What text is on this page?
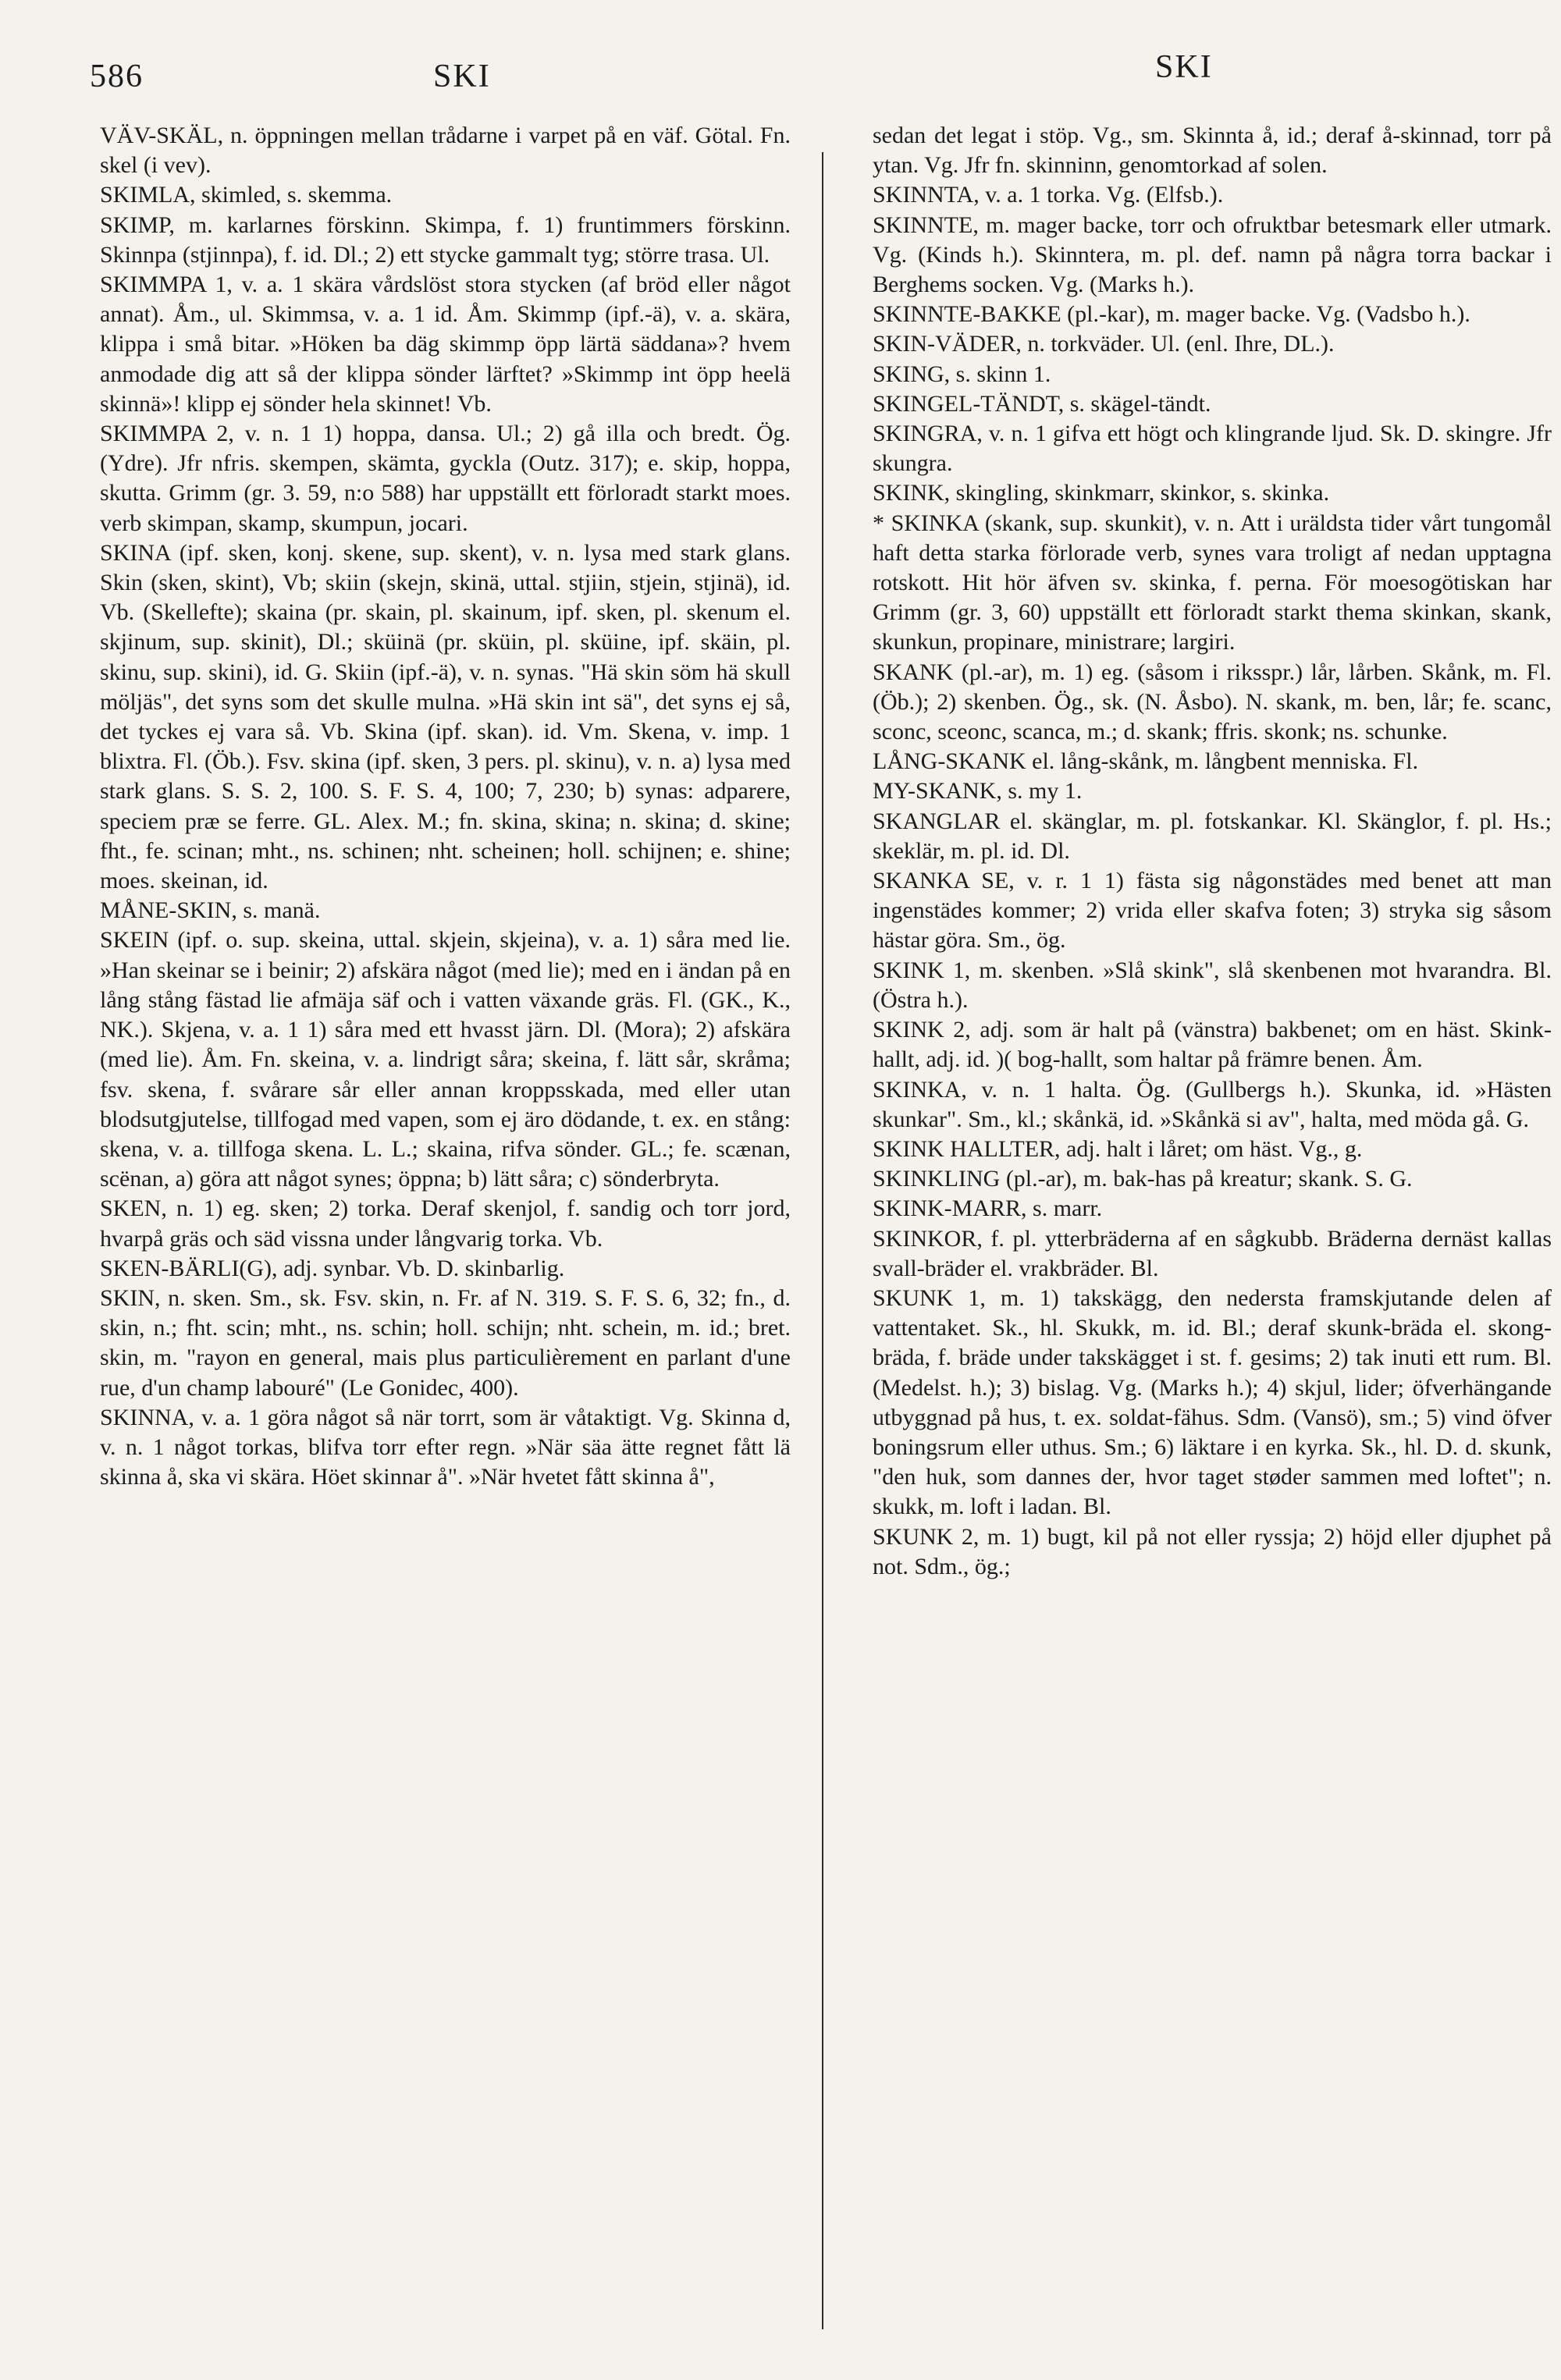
586	SKI	SKI

VÄV-SKÄL, n. öppningen mellan trådarne i varpet på en väf. Götal. Fn. skel (i vev).

SKIMLA, skimled, s. skemma.

SKIMP, m. karlarnes förskinn. Skimpa, f. 1) fruntimmers förskinn. Skinnpa (stjinnpa), f. id. Dl.; 2) ett stycke gammalt tyg; större trasa. Ul.

SKIMMPA 1, v. a. 1 skära vårdslöst stora stycken (af bröd eller något annat). Åm., ul. Skimmsa, v. a. 1 id. Åm. Skimmp (ipf.-ä), v. a. skära, klippa i små bitar. »Höken ba däg skimmp öpp lärtä säddana»? hvem anmodade dig att så der klippa sönder lärftet? »Skimmp int öpp heelä skinnä»! klipp ej sönder hela skinnet! Vb.

SKIMMPA 2, v. n. 1 1) hoppa, dansa. Ul.; 2) gå illa och bredt. Ög. (Ydre). Jfr nfris. skempen, skämta, gyckla (Outz. 317); e. skip, hoppa, skutta. Grimm (gr. 3. 59, n:o 588) har uppställt ett förloradt starkt moes. verb skimpan, skamp, skumpun, jocari.

SKINA (ipf. sken, konj. skene, sup. skent), v. n. lysa med stark glans. Skin (sken, skint), Vb; skiin (skejn, skinä, uttal. stjiin, stjein, stjinä), id. Vb. (Skellefte); skaina (pr. skain, pl. skainum, ipf. sken, pl. skenum el. skjinum, sup. skinit), Dl.; sküinä (pr. sküin, pl. sküine, ipf. skäin, pl. skinu, sup. skini), id. G. Skiin (ipf.-ä), v. n. synas. "Hä skin söm hä skull möljäs", det syns som det skulle mulna. »Hä skin int sä", det syns ej så, det tyckes ej vara så. Vb. Skina (ipf. skan). id. Vm. Skena, v. imp. 1 blixtra. Fl. (Öb.). Fsv. skina (ipf. sken, 3 pers. pl. skinu), v. n. a) lysa med stark glans. S. S. 2, 100. S. F. S. 4, 100; 7, 230; b) synas: adparere, speciem præ se ferre. GL. Alex. M.; fn. skina, skina; n. skina; d. skine; fht., fe. scinan; mht., ns. schinen; nht. scheinen; holl. schijnen; e. shine; moes. skeinan, id.

MÅNE-SKIN, s. manä.

SKEIN (ipf. o. sup. skeina, uttal. skjein, skjeina), v. a. 1) såra med lie. »Han skeinar se i beinir; 2) afskära något (med lie); med en i ändan på en lång stång fästad lie afmäja säf och i vatten växande gräs. Fl. (GK., K., NK.). Skjena, v. a. 1 1) såra med ett hvasst järn. Dl. (Mora); 2) afskära (med lie). Åm. Fn. skeina, v. a. lindrigt såra; skeina, f. lätt sår, skråma; fsv. skena, f. svårare sår eller annan kroppsskada, med eller utan blodsutgjutelse, tillfogad med vapen, som ej äro dödande, t. ex. en stång: skena, v. a. tillfoga skena. L. L.; skaina, rifva sönder. GL.; fe. scænan, scënan, a) göra att något synes; öppna; b) lätt såra; c) sönderbryta.

SKEN, n. 1) eg. sken; 2) torka. Deraf skenjol, f. sandig och torr jord, hvarpå gräs och säd vissna under långvarig torka. Vb.

SKEN-BÄRLI(G), adj. synbar. Vb. D. skinbarlig.

SKIN, n. sken. Sm., sk. Fsv. skin, n. Fr. af N. 319. S. F. S. 6, 32; fn., d. skin, n.; fht. scin; mht., ns. schin; holl. schijn; nht. schein, m. id.; bret. skin, m. "rayon en general, mais plus particulièrement en parlant d'une rue, d'un champ labouré" (Le Gonidec, 400).

SKINNA, v. a. 1 göra något så när torrt, som är våtaktigt. Vg. Skinna d, v. n. 1 något torkas, blifva torr efter regn. »När säa ätte regnet fått lä skinna å, ska vi skära. Höet skinnar å". »När hvetet fått skinna å",

sedan det legat i stöp. Vg., sm. Skinnta å, id.; deraf å-skinnad, torr på ytan. Vg. Jfr fn. skinninn, genomtorkad af solen.

SKINNTA, v. a. 1 torka. Vg. (Elfsb.).

SKINNTE, m. mager backe, torr och ofruktbar betesmark eller utmark. Vg. (Kinds h.). Skinntera, m. pl. def. namn på några torra backar i Berghems socken. Vg. (Marks h.).

SKINNTE-BAKKE (pl.-kar), m. mager backe. Vg. (Vadsbo h.).

SKIN-VÄDER, n. torkväder. Ul. (enl. Ihre, DL.).

SKING, s. skinn 1.

SKINGEL-TÄNDT, s. skägel-tändt.

SKINGRA, v. n. 1 gifva ett högt och klingrande ljud. Sk. D. skingre. Jfr skungra.

SKINK, skingling, skinkmarr, skinkor, s. skinka.

* SKINKA (skank, sup. skunkit), v. n. Att i uräldsta tider vårt tungomål haft detta starka förlorade verb, synes vara troligt af nedan upptagna rotskott. Hit hör äfven sv. skinka, f. perna. För moesogötiskan har Grimm (gr. 3, 60) uppställt ett förloradt starkt thema skinkan, skank, skunkun, propinare, ministrare; largiri.

SKANK (pl.-ar), m. 1) eg. (såsom i riksspr.) lår, lårben. Skånk, m. Fl. (Öb.); 2) skenben. Ög., sk. (N. Åsbo). N. skank, m. ben, lår; fe. scanc, sconc, sceonc, scanca, m.; d. skank; ffris. skonk; ns. schunke.

LÅNG-SKANK el. lång-skånk, m. långbent menniska. Fl.

MY-SKANK, s. my 1.

SKANGLAR el. skänglar, m. pl. fotskankar. Kl. Skänglor, f. pl. Hs.; skeklär, m. pl. id. Dl.

SKANKA SE, v. r. 1 1) fästa sig någonstädes med benet att man ingenstädes kommer; 2) vrida eller skafva foten; 3) stryka sig såsom hästar göra. Sm., ög.

SKINK 1, m. skenben. »Slå skink", slå skenbenen mot hvarandra. Bl. (Östra h.).

SKINK 2, adj. som är halt på (vänstra) bakbenet; om en häst. Skink-hallt, adj. id. )( bog-hallt, som haltar på främre benen. Åm.

SKINKA, v. n. 1 halta. Ög. (Gullbergs h.). Skunka, id. »Hästen skunkar". Sm., kl.; skånkä, id. »Skånkä si av", halta, med möda gå. G.

SKINK HALLTER, adj. halt i låret; om häst. Vg., g.

SKINKLING (pl.-ar), m. bak-has på kreatur; skank. S. G.

SKINK-MARR, s. marr.

SKINKOR, f. pl. ytterbräderna af en sågkubb. Bräderna dernäst kallas svall-bräder el. vrakbräder. Bl.

SKUNK 1, m. 1) takskägg, den nedersta framskjutande delen af vattentaket. Sk., hl. Skukk, m. id. Bl.; deraf skunk-bräda el. skong-bräda, f. bräde under takskägget i st. f. gesims; 2) tak inuti ett rum. Bl. (Medelst. h.); 3) bislag. Vg. (Marks h.); 4) skjul, lider; öfverhängande utbyggnad på hus, t. ex. soldat-fähus. Sdm. (Vansö), sm.; 5) vind öfver boningsrum eller uthus. Sm.; 6) läktare i en kyrka. Sk., hl. D. d. skunk, "den huk, som dannes der, hvor taget støder sammen med loftet"; n. skukk, m. loft i ladan. Bl.

SKUNK 2, m. 1) bugt, kil på not eller ryssja; 2) höjd eller djuphet på not. Sdm., ög.;
